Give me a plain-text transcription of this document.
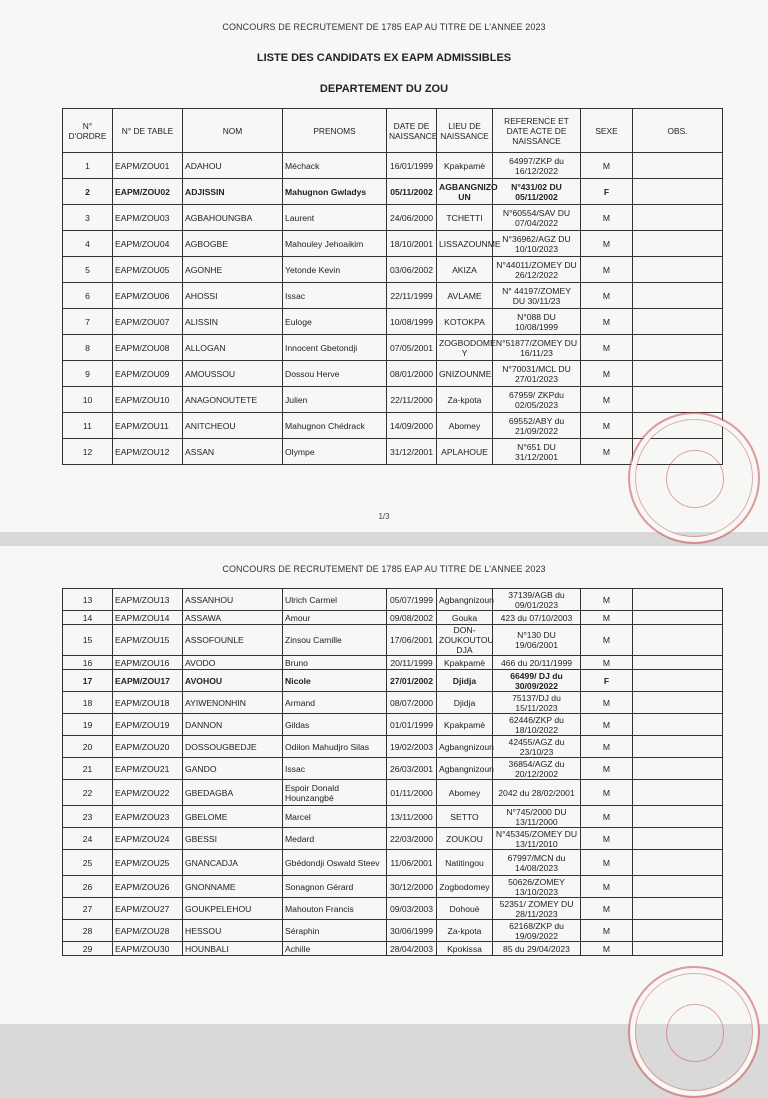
CONCOURS DE RECRUTEMENT DE 1785 EAP AU TITRE DE L'ANNEE 2023
LISTE DES CANDIDATS EX EAPM ADMISSIBLES
DEPARTEMENT DU ZOU
N° D'ORDRE	N° DE TABLE	NOM	PRENOMS	DATE DE NAISSANCE	LIEU DE NAISSANCE	REFERENCE ET DATE ACTE DE NAISSANCE	SEXE	OBS.
1	EAPM/ZOU01	ADAHOU	Méchack	16/01/1999	Kpakpamè	64997/ZKP du 16/12/2022	M	
2	EAPM/ZOU02	ADJISSIN	Mahugnon Gwladys	05/11/2002	AGBANGNIZO UN	N°431/02 DU 05/11/2002	F	
3	EAPM/ZOU03	AGBAHOUNGBA	Laurent	24/06/2000	TCHETTI	N°60554/SAV DU 07/04/2022	M	
4	EAPM/ZOU04	AGBOGBE	Mahouley Jehoaikim	18/10/2001	LISSAZOUNME	N°36962/AGZ DU 10/10/2023	M	
5	EAPM/ZOU05	AGONHE	Yetonde Kevin	03/06/2002	AKIZA	N°44011/ZOMEY DU 26/12/2022	M	
6	EAPM/ZOU06	AHOSSI	Issac	22/11/1999	AVLAME	N° 44197/ZOMEY DU 30/11/23	M	
7	EAPM/ZOU07	ALISSIN	Euloge	10/08/1999	KOTOKPA	N°088 DU 10/08/1999	M	
8	EAPM/ZOU08	ALLOGAN	Innocent Gbetondji	07/05/2001	ZOGBODOME Y	N°51877/ZOMEY DU 16/11/23	M	
9	EAPM/ZOU09	AMOUSSOU	Dossou Herve	08/01/2000	GNIZOUNME	N°70031/MCL DU 27/01/2023	M	
10	EAPM/ZOU10	ANAGONOUTETE	Julien	22/11/2000	Za-kpota	67959/ ZKPdu 02/05/2023	M	
11	EAPM/ZOU11	ANITCHEOU	Mahugnon Chédrack	14/09/2000	Abomey	69552/ABY du 21/09/2022	M	
12	EAPM/ZOU12	ASSAN	Olympe	31/12/2001	APLAHOUE	N°651 DU 31/12/2001	M	
1/3
CONCOURS DE RECRUTEMENT DE 1785 EAP AU TITRE DE L'ANNEE 2023
13	EAPM/ZOU13	ASSANHOU	Ulrich Carmel	05/07/1999	Agbangnizoun	37139/AGB du 09/01/2023	M	
14	EAPM/ZOU14	ASSAWA	Amour	09/08/2002	Gouka	423 du 07/10/2003	M	
15	EAPM/ZOU15	ASSOFOUNLE	Zinsou Camille	17/06/2001	DON- ZOUKOUTOU DJA	N°130 DU 19/06/2001	M	
16	EAPM/ZOU16	AVODO	Bruno	20/11/1999	Kpakpamè	466 du 20/11/1999	M	
17	EAPM/ZOU17	AVOHOU	Nicole	27/01/2002	Djidja	66499/ DJ du 30/09/2022	F	
18	EAPM/ZOU18	AYIWENONHIN	Armand	08/07/2000	Djidja	75137/DJ du 15/11/2023	M	
19	EAPM/ZOU19	DANNON	Gildas	01/01/1999	Kpakpamè	62446/ZKP du 18/10/2022	M	
20	EAPM/ZOU20	DOSSOUGBEDJE	Odilon Mahudjro Silas	19/02/2003	Agbangnizoun	42455/AGZ du 23/10/23	M	
21	EAPM/ZOU21	GANDO	Issac	26/03/2001	Agbangnizoun	36854/AGZ du 20/12/2002	M	
22	EAPM/ZOU22	GBEDAGBA	Espoir Donald Hounzangbé	01/11/2000	Abomey	2042 du 28/02/2001	M	
23	EAPM/ZOU23	GBELOME	Marcel	13/11/2000	SETTO	N°745/2000 DU 13/11/2000	M	
24	EAPM/ZOU24	GBESSI	Medard	22/03/2000	ZOUKOU	N°45345/ZOMEY DU 13/11/2010	M	
25	EAPM/ZOU25	GNANCADJA	Gbédondji Oswald Steev	11/06/2001	Natitingou	67997/MCN du 14/08/2023	M	
26	EAPM/ZOU26	GNONNAME	Sonagnon Gérard	30/12/2000	Zogbodomey	50626/ZOMEY 13/10/2023	M	
27	EAPM/ZOU27	GOUKPELEHOU	Mahouton Francis	09/03/2003	Dohouè	52351/ ZOMEY DU 28/11/2023	M	
28	EAPM/ZOU28	HESSOU	Séraphin	30/06/1999	Za-kpota	62168/ZKP du 19/09/2022	M	
29	EAPM/ZOU30	HOUNBALI	Achille	28/04/2003	Kpokissa	85 du 29/04/2023	M	
